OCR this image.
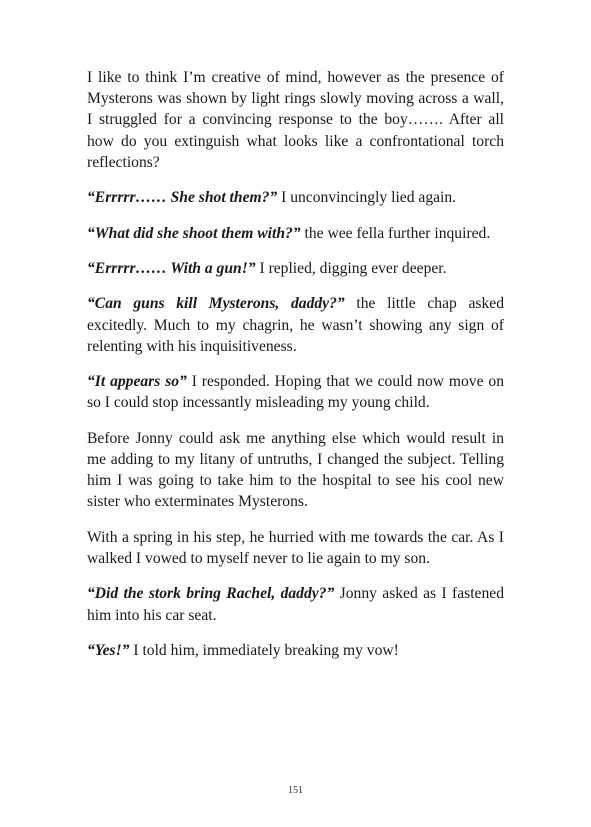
I like to think I’m creative of mind, however as the presence of Mysterons was shown by light rings slowly moving across a wall, I struggled for a convincing response to the boy……. After all how do you extinguish what looks like a confrontational torch reflections?

“Errrrr…… She shot them?” I unconvincingly lied again.

“What did she shoot them with?” the wee fella further inquired.

“Errrrr…… With a gun!” I replied, digging ever deeper.

“Can guns kill Mysterons, daddy?” the little chap asked excitedly. Much to my chagrin, he wasn’t showing any sign of relenting with his inquisitiveness.

“It appears so” I responded. Hoping that we could now move on so I could stop incessantly misleading my young child.

Before Jonny could ask me anything else which would result in me adding to my litany of untruths, I changed the subject. Telling him I was going to take him to the hospital to see his cool new sister who exterminates Mysterons.

With a spring in his step, he hurried with me towards the car. As I walked I vowed to myself never to lie again to my son.

“Did the stork bring Rachel, daddy?” Jonny asked as I fastened him into his car seat.

“Yes!” I told him, immediately breaking my vow!

151
